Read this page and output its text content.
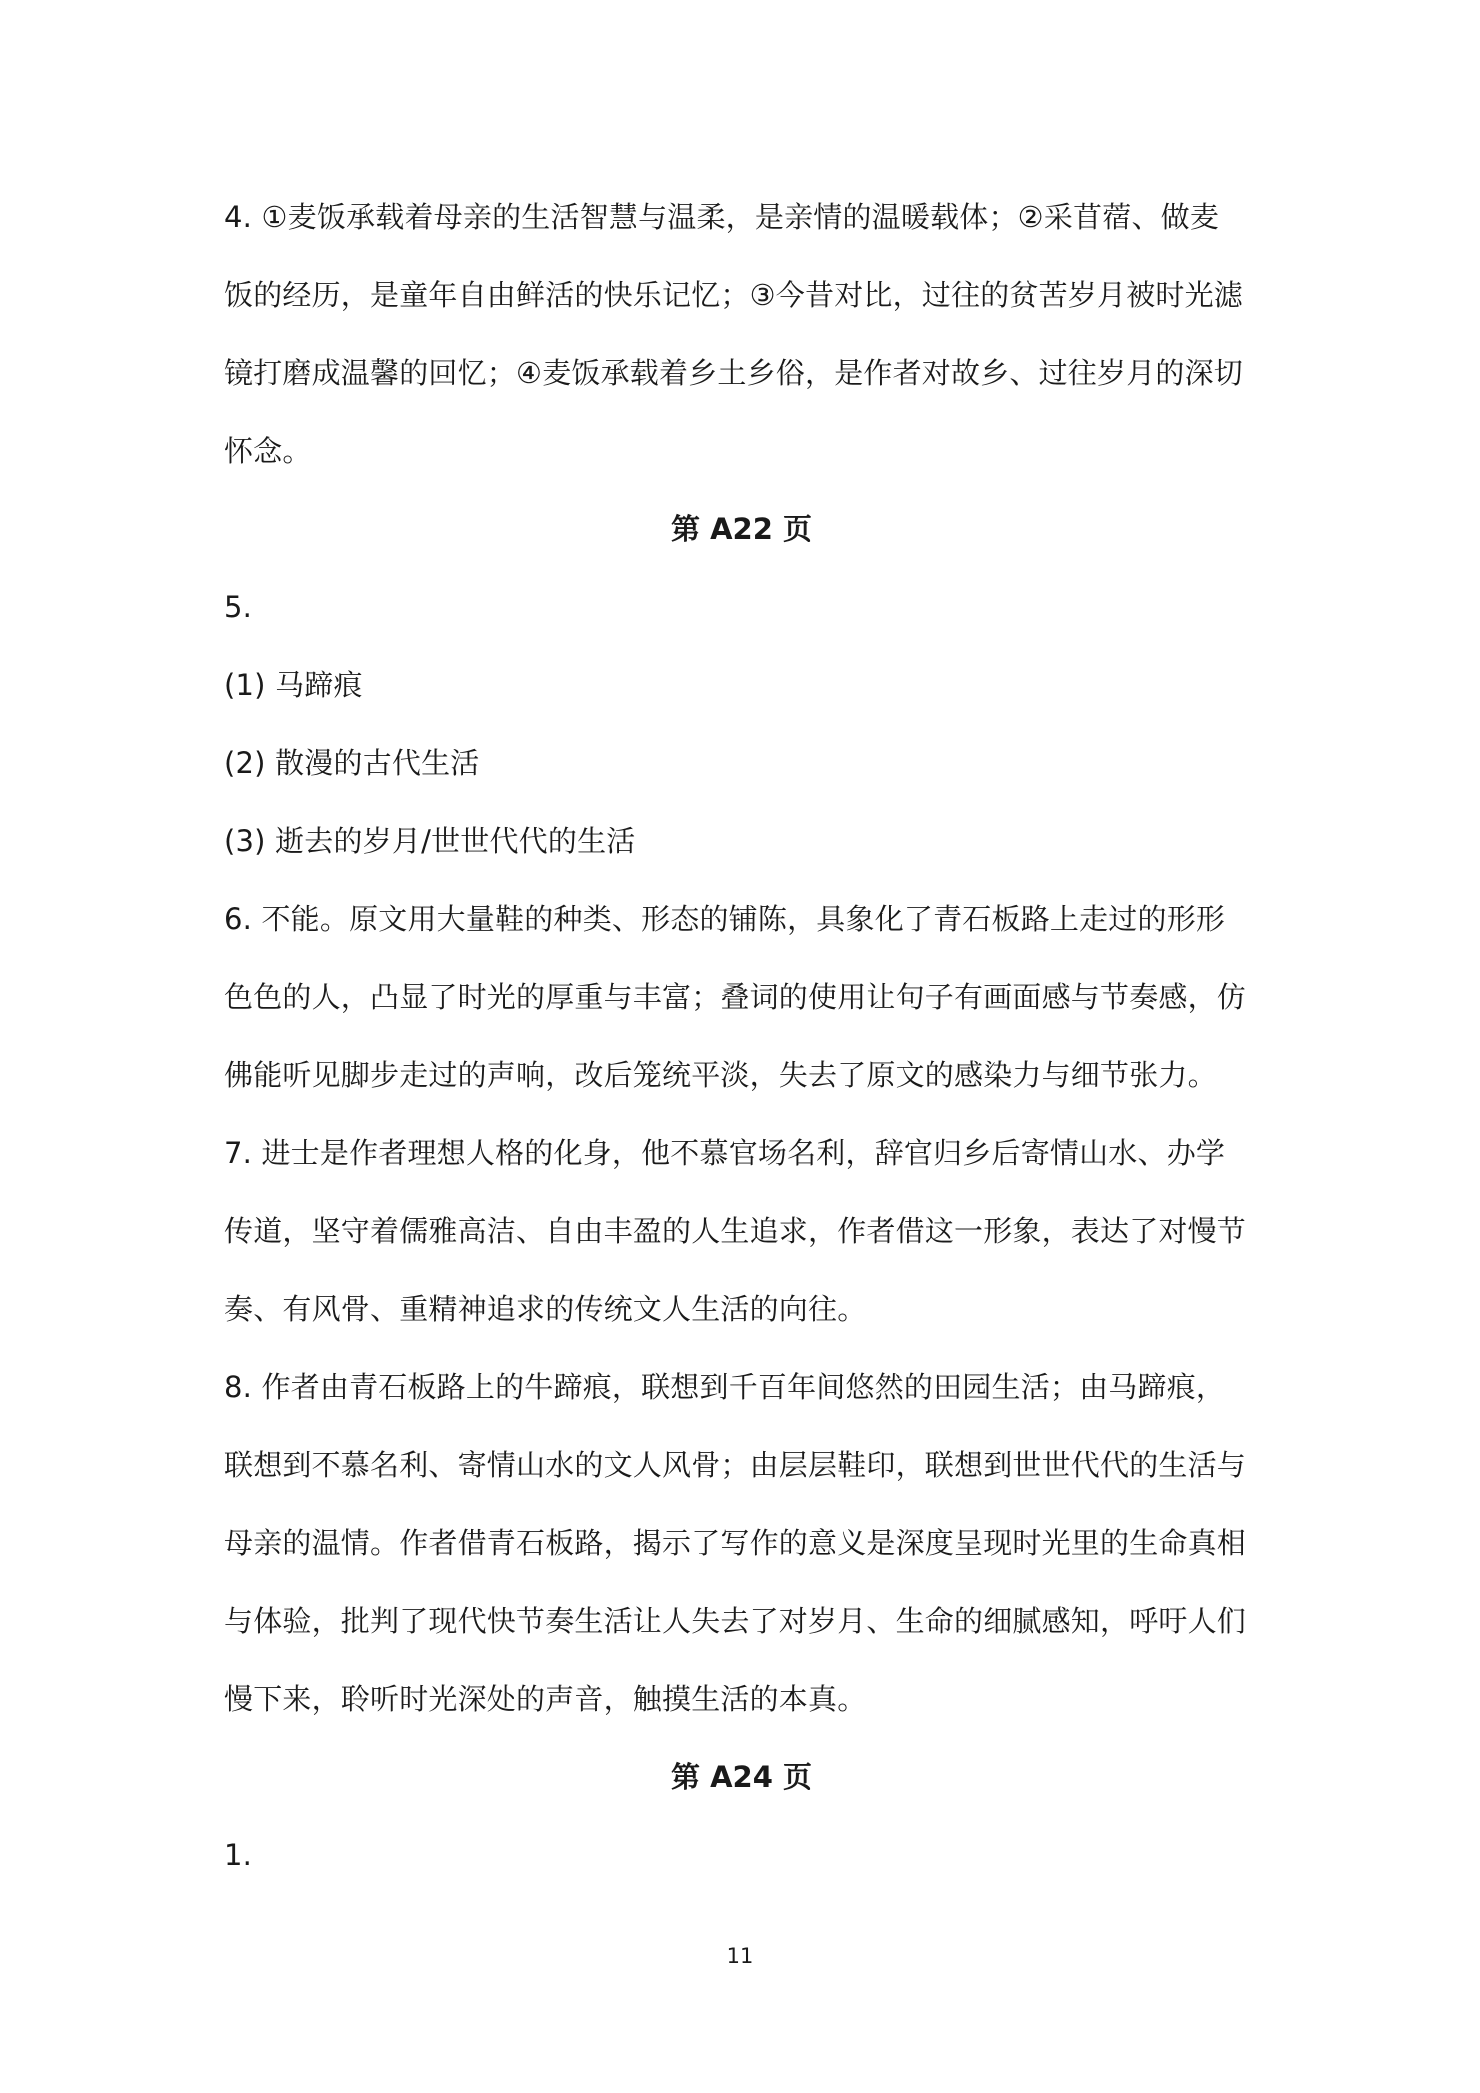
4. ①麦饭承载着母亲的生活智慧与温柔，是亲情的温暖载体；②采苜蓿、做麦
饭的经历，是童年自由鲜活的快乐记忆；③今昔对比，过往的贫苦岁月被时光滤
镜打磨成温馨的回忆；④麦饭承载着乡土乡俗，是作者对故乡、过往岁月的深切
怀念。
第 A22 页
5.
(1) 马蹄痕
(2) 散漫的古代生活
(3) 逝去的岁月/世世代代的生活
6. 不能。原文用大量鞋的种类、形态的铺陈，具象化了青石板路上走过的形形
色色的人，凸显了时光的厚重与丰富；叠词的使用让句子有画面感与节奏感，仿
佛能听见脚步走过的声响，改后笼统平淡，失去了原文的感染力与细节张力。
7. 进士是作者理想人格的化身，他不慕官场名利，辞官归乡后寄情山水、办学
传道，坚守着儒雅高洁、自由丰盈的人生追求，作者借这一形象，表达了对慢节
奏、有风骨、重精神追求的传统文人生活的向往。
8. 作者由青石板路上的牛蹄痕，联想到千百年间悠然的田园生活；由马蹄痕，
联想到不慕名利、寄情山水的文人风骨；由层层鞋印，联想到世世代代的生活与
母亲的温情。作者借青石板路，揭示了写作的意义是深度呈现时光里的生命真相
与体验，批判了现代快节奏生活让人失去了对岁月、生命的细腻感知，呼吁人们
慢下来，聆听时光深处的声音，触摸生活的本真。
第 A24 页
1.
11
